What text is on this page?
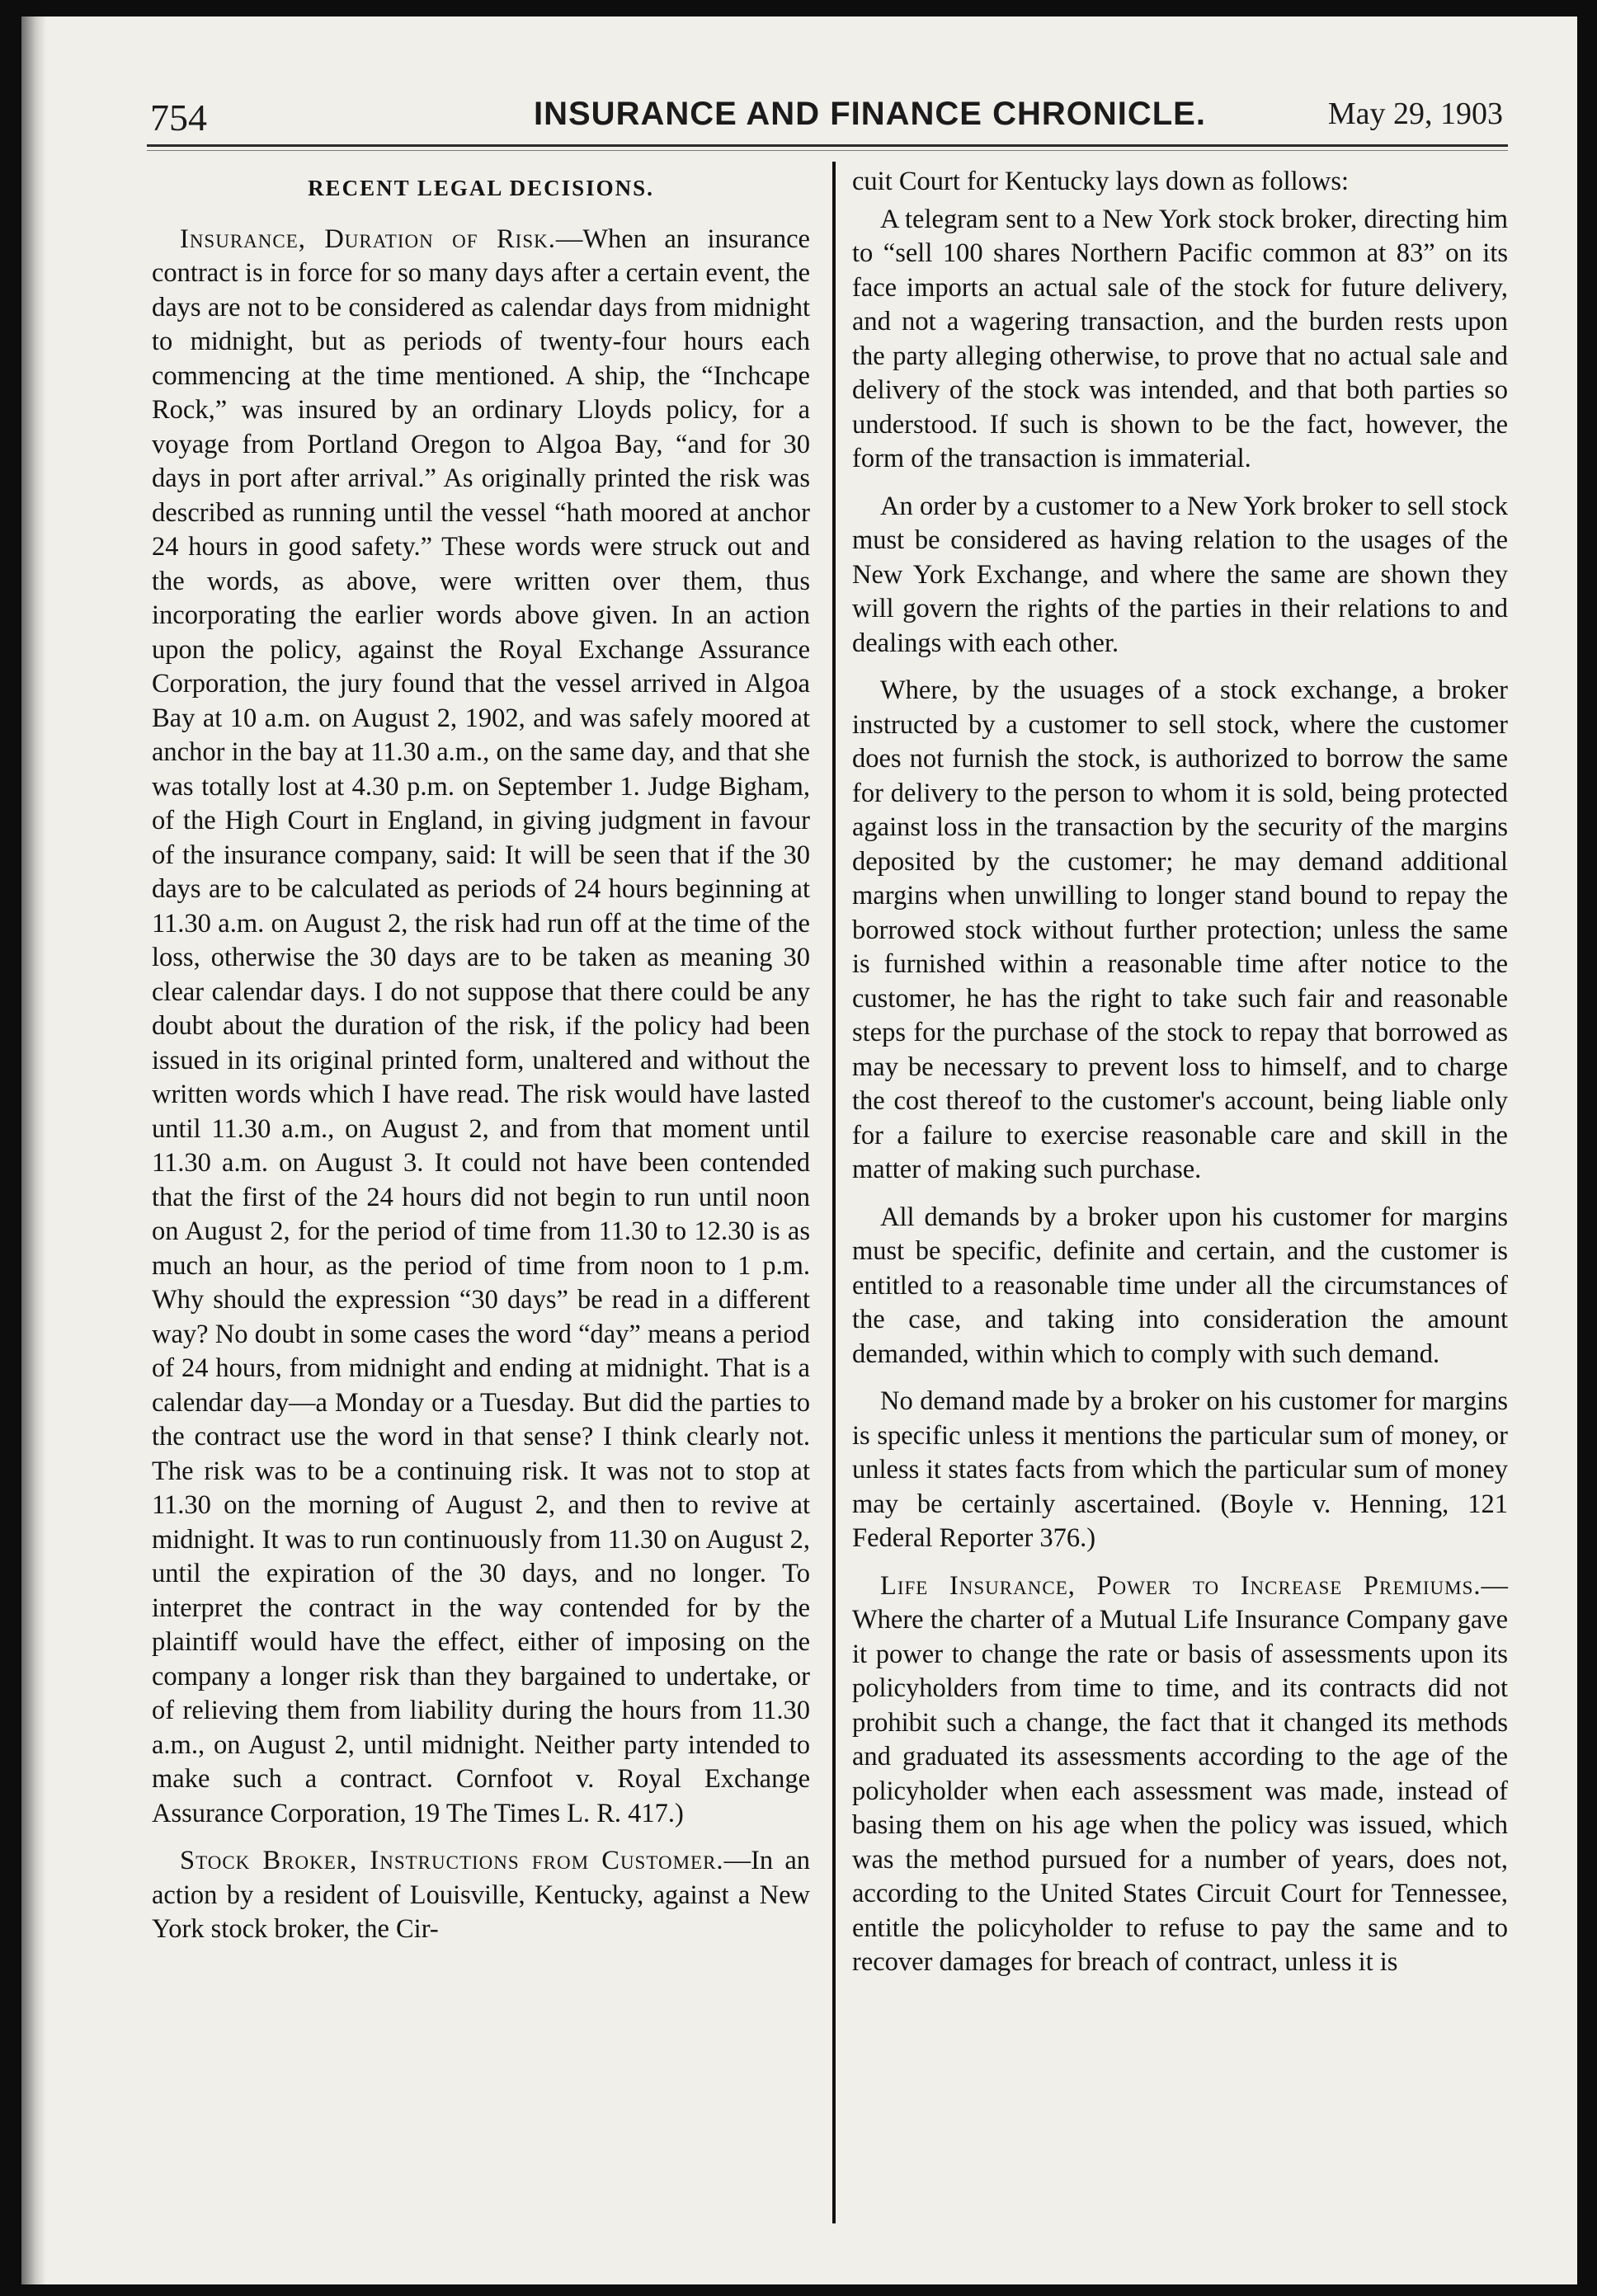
754	INSURANCE AND FINANCE CHRONICLE.	May 29, 1903
RECENT LEGAL DECISIONS.

Insurance, Duration of Risk.—When an insurance contract is in force for so many days after a certain event, the days are not to be considered as calendar days from midnight to midnight, but as periods of twenty-four hours each commencing at the time mentioned. A ship, the “Inchcape Rock,” was insured by an ordinary Lloyds policy, for a voyage from Portland Oregon to Algoa Bay, “and for 30 days in port after arrival.” As originally printed the risk was described as running until the vessel “hath moored at anchor 24 hours in good safety.” These words were struck out and the words, as above, were written over them, thus incorporating the earlier words above given. In an action upon the policy, against the Royal Exchange Assurance Corporation, the jury found that the vessel arrived in Algoa Bay at 10 a.m. on August 2, 1902, and was safely moored at anchor in the bay at 11.30 a.m., on the same day, and that she was totally lost at 4.30 p.m. on September 1. Judge Bigham, of the High Court in England, in giving judgment in favour of the insurance company, said: It will be seen that if the 30 days are to be calculated as periods of 24 hours beginning at 11.30 a.m. on August 2, the risk had run off at the time of the loss, otherwise the 30 days are to be taken as meaning 30 clear calendar days. I do not suppose that there could be any doubt about the duration of the risk, if the policy had been issued in its original printed form, unaltered and without the written words which I have read. The risk would have lasted until 11.30 a.m., on August 2, and from that moment until 11.30 a.m. on August 3. It could not have been contended that the first of the 24 hours did not begin to run until noon on August 2, for the period of time from 11.30 to 12.30 is as much an hour, as the period of time from noon to 1 p.m. Why should the expression “30 days” be read in a different way? No doubt in some cases the word “day” means a period of 24 hours, from midnight and ending at midnight. That is a calendar day—a Monday or a Tuesday. But did the parties to the contract use the word in that sense? I think clearly not. The risk was to be a continuing risk. It was not to stop at 11.30 on the morning of August 2, and then to revive at midnight. It was to run continuously from 11.30 on August 2, until the expiration of the 30 days, and no longer. To interpret the contract in the way contended for by the plaintiff would have the effect, either of imposing on the company a longer risk than they bargained to undertake, or of relieving them from liability during the hours from 11.30 a.m., on August 2, until midnight. Neither party intended to make such a contract. Cornfoot v. Royal Exchange Assurance Corporation, 19 The Times L. R. 417.)

Stock Broker, Instructions from Customer.—In an action by a resident of Louisville, Kentucky, against a New York stock broker, the Cir-

cuit Court for Kentucky lays down as follows:

A telegram sent to a New York stock broker, directing him to “sell 100 shares Northern Pacific common at 83” on its face imports an actual sale of the stock for future delivery, and not a wagering transaction, and the burden rests upon the party alleging otherwise, to prove that no actual sale and delivery of the stock was intended, and that both parties so understood. If such is shown to be the fact, however, the form of the transaction is immaterial.

An order by a customer to a New York broker to sell stock must be considered as having relation to the usages of the New York Exchange, and where the same are shown they will govern the rights of the parties in their relations to and dealings with each other.

Where, by the usuages of a stock exchange, a broker instructed by a customer to sell stock, where the customer does not furnish the stock, is authorized to borrow the same for delivery to the person to whom it is sold, being protected against loss in the transaction by the security of the margins deposited by the customer; he may demand additional margins when unwilling to longer stand bound to repay the borrowed stock without further protection; unless the same is furnished within a reasonable time after notice to the customer, he has the right to take such fair and reasonable steps for the purchase of the stock to repay that borrowed as may be necessary to prevent loss to himself, and to charge the cost thereof to the customer's account, being liable only for a failure to exercise reasonable care and skill in the matter of making such purchase.

All demands by a broker upon his customer for margins must be specific, definite and certain, and the customer is entitled to a reasonable time under all the circumstances of the case, and taking into consideration the amount demanded, within which to comply with such demand.

No demand made by a broker on his customer for margins is specific unless it mentions the particular sum of money, or unless it states facts from which the particular sum of money may be certainly ascertained. (Boyle v. Henning, 121 Federal Reporter 376.)

Life Insurance, Power to Increase Premiums.—Where the charter of a Mutual Life Insurance Company gave it power to change the rate or basis of assessments upon its policyholders from time to time, and its contracts did not prohibit such a change, the fact that it changed its methods and graduated its assessments according to the age of the policyholder when each assessment was made, instead of basing them on his age when the policy was issued, which was the method pursued for a number of years, does not, according to the United States Circuit Court for Tennessee, entitle the policyholder to refuse to pay the same and to recover damages for breach of contract, unless it is
